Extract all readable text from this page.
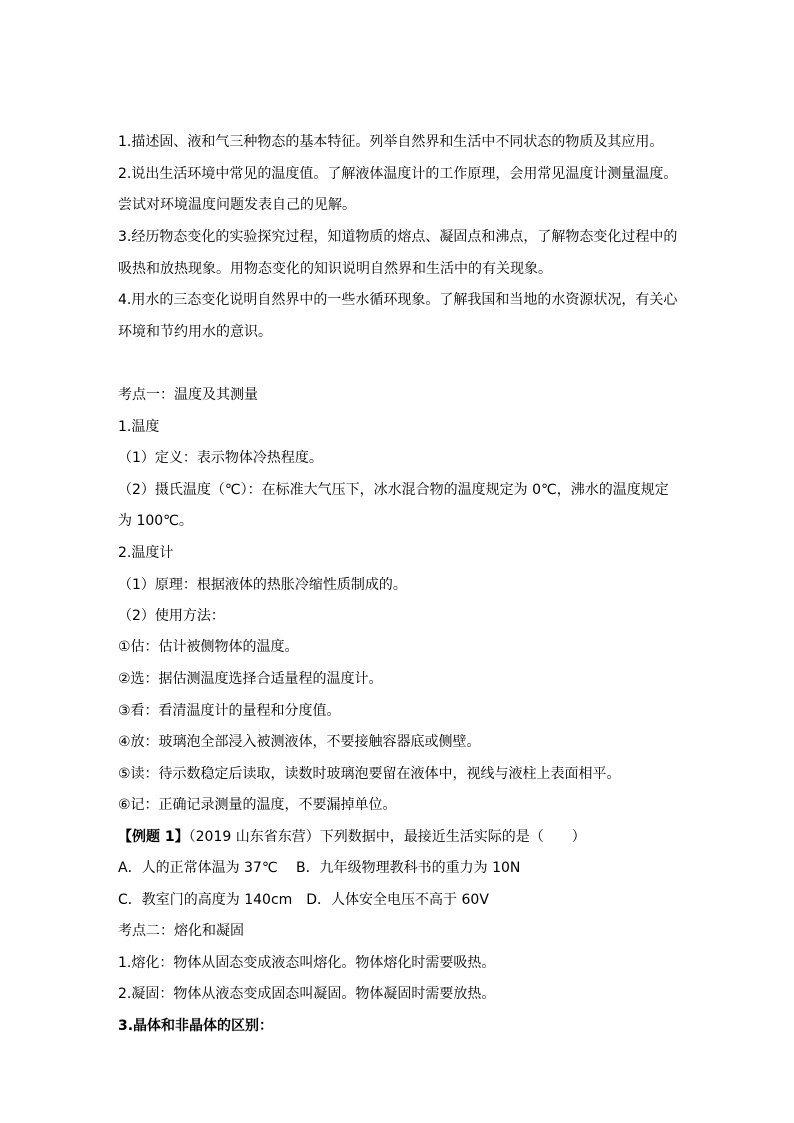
1.描述固、液和气三种物态的基本特征。列举自然界和生活中不同状态的物质及其应用。
2.说出生活环境中常见的温度值。了解液体温度计的工作原理，会用常见温度计测量温度。
尝试对环境温度问题发表自己的见解。
3.经历物态变化的实验探究过程，知道物质的熔点、凝固点和沸点，了解物态变化过程中的
吸热和放热现象。用物态变化的知识说明自然界和生活中的有关现象。
4.用水的三态变化说明自然界中的一些水循环现象。了解我国和当地的水资源状况，有关心
环境和节约用水的意识。
考点一：温度及其测量
1.温度
（1）定义：表示物体冷热程度。
（2）摄氏温度（℃）：在标准大气压下，冰水混合物的温度规定为 0℃，沸水的温度规定
为 100℃。
2.温度计
（1）原理：根据液体的热胀冷缩性质制成的。
（2）使用方法：
①估：估计被侧物体的温度。
②选：据估测温度选择合适量程的温度计。
③看：看清温度计的量程和分度值。
④放：玻璃泡全部浸入被测液体，不要接触容器底或侧壁。
⑤读：待示数稳定后读取，读数时玻璃泡要留在液体中，视线与液柱上表面相平。
⑥记：正确记录测量的温度，不要漏掉单位。
【例题 1】（2019 山东省东营）下列数据中，最接近生活实际的是（　　）
A．人的正常体温为 37℃　 B．九年级物理教科书的重力为 10N
C．教室门的高度为 140cm　D．人体安全电压不高于 60V
考点二：熔化和凝固
1.熔化：物体从固态变成液态叫熔化。物体熔化时需要吸热。
2.凝固：物体从液态变成固态叫凝固。物体凝固时需要放热。
3.晶体和非晶体的区别：
